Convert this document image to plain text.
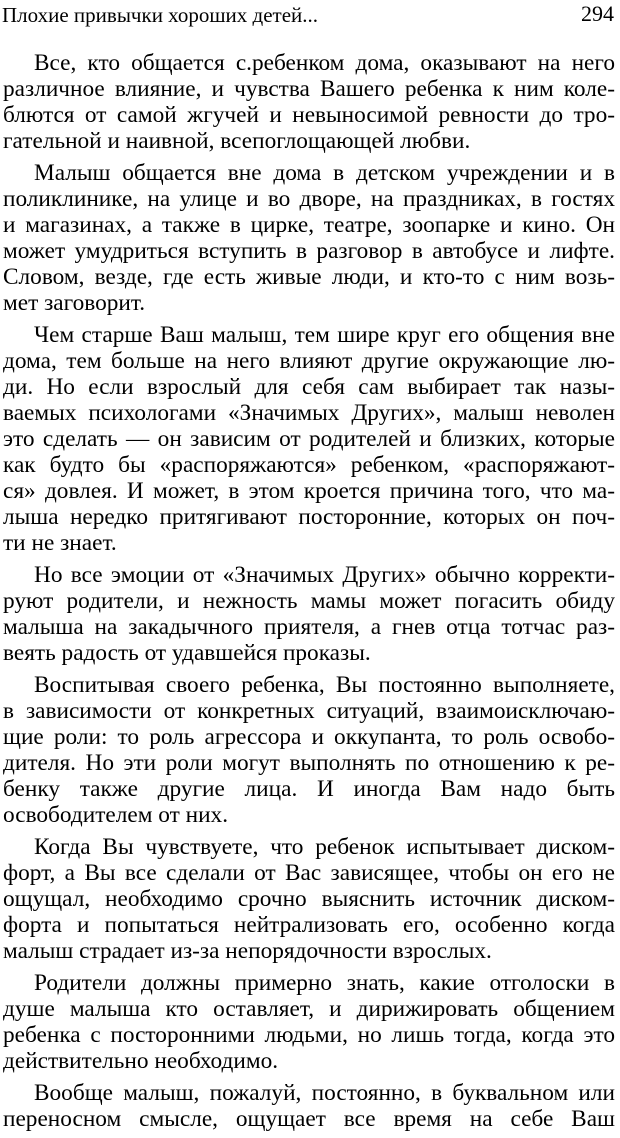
Плохие привычки хороших детей...	294
Все, кто общается с.ребенком дома, оказывают на него
различное влияние, и чувства Вашего ребенка к ним коле-
блются от самой жгучей и невыносимой ревности до тро-
гательной и наивной, всепоглощающей любви.
Малыш общается вне дома в детском учреждении и в
поликлинике, на улице и во дворе, на праздниках, в гостях
и магазинах, а также в цирке, театре, зоопарке и кино. Он
может умудриться вступить в разговор в автобусе и лифте.
Словом, везде, где есть живые люди, и кто-то с ним возь-
мет заговорит.
Чем старше Ваш малыш, тем шире круг его общения вне
дома, тем больше на него влияют другие окружающие лю-
ди. Но если взрослый для себя сам выбирает так назы-
ваемых психологами «Значимых Других», малыш неволен
это сделать — он зависим от родителей и близких, которые
как будто бы «распоряжаются» ребенком, «распоряжают-
ся» довлея. И может, в этом кроется причина того, что ма-
лыша нередко притягивают посторонние, которых он поч-
ти не знает.
Но все эмоции от «Значимых Других» обычно корректи-
руют родители, и нежность мамы может погасить обиду
малыша на закадычного приятеля, а гнев отца тотчас раз-
веять радость от удавшейся проказы.
Воспитывая своего ребенка, Вы постоянно выполняете,
в зависимости от конкретных ситуаций, взаимоисключаю-
щие роли: то роль агрессора и оккупанта, то роль освобо-
дителя. Но эти роли могут выполнять по отношению к ре-
бенку также другие лица. И иногда Вам надо быть
освободителем от них.
Когда Вы чувствуете, что ребенок испытывает диском-
форт, а Вы все сделали от Вас зависящее, чтобы он его не
ощущал, необходимо срочно выяснить источник диском-
форта и попытаться нейтрализовать его, особенно когда
малыш страдает из-за непорядочности взрослых.
Родители должны примерно знать, какие отголоски в
душе малыша кто оставляет, и дирижировать общением
ребенка с посторонними людьми, но лишь тогда, когда это
действительно необходимо.
Вообще малыш, пожалуй, постоянно, в буквальном или
переносном смысле, ощущает все время на себе Ваш
